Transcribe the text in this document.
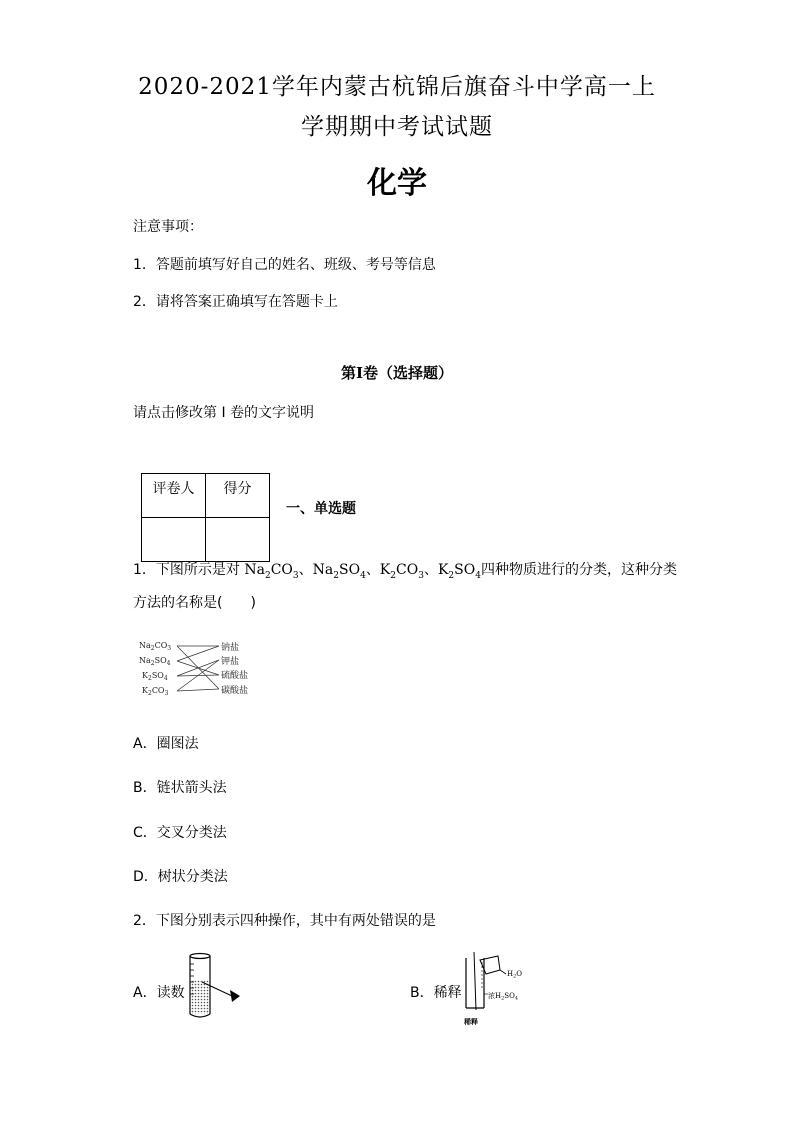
2020-2021学年内蒙古杭锦后旗奋斗中学高一上
学期期中考试试题
化学
注意事项：
1．答题前填写好自己的姓名、班级、考号等信息
2．请将答案正确填写在答题卡上
第I卷（选择题）
请点击修改第 I 卷的文字说明
评卷人	得分

一、单选题
1．下图所示是对 $Na_2CO_3$、$Na_2SO_4$、$K_2CO_3$、$K_2SO_4$四种物质进行的分类，这种分类
方法的名称是(　　)
$Na_2CO_3$
$Na_2SO_4$
$K_2SO_4$
$K_2CO_3$
钠盐
钾盐
硫酸盐
碳酸盐
A．圈图法
B．链状箭头法
C．交叉分类法
D．树状分类法
2．下图分别表示四种操作，其中有两处错误的是
A．读数	B．稀释
$H_2O$
浓$H_2SO_4$
稀释
